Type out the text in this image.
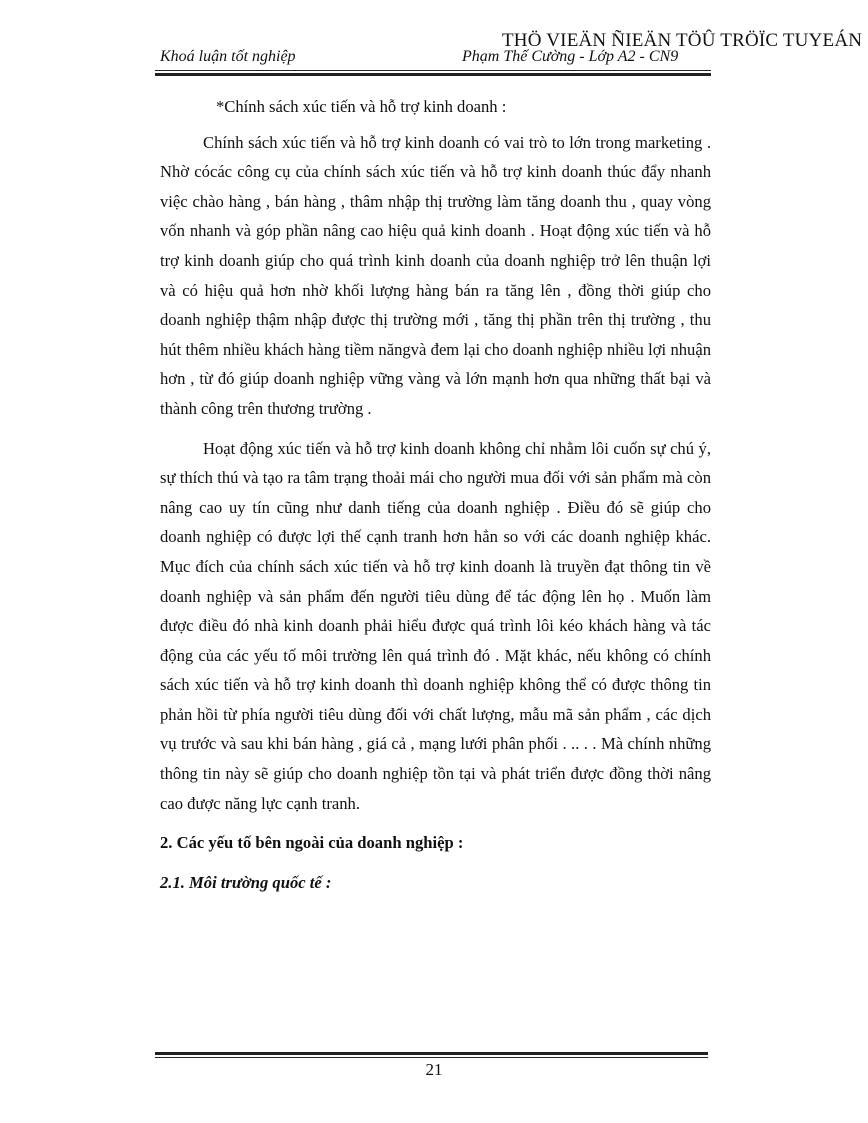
Khoá luận tốt nghiệp	Phạm Thế Cường - Lớp A2 - CN9
THÖ VIEÄN ÑIEÄN TÖÛ TRÖÏC TUYEÁN

*Chính sách xúc tiến và hỗ trợ kinh doanh :

Chính sách xúc tiến và hỗ trợ kinh doanh có vai trò to lớn trong marketing . Nhờ cócác công cụ của chính sách xúc tiến và hỗ trợ kinh doanh thúc đẩy nhanh việc chào hàng , bán hàng , thâm nhập thị trường làm tăng doanh thu , quay vòng vốn nhanh và góp phần nâng cao hiệu quả kinh doanh . Hoạt động xúc tiến và hỗ trợ kinh doanh giúp cho quá trình kinh doanh của doanh nghiệp trở lên thuận lợi và có hiệu quả hơn nhờ khối lượng hàng bán ra tăng lên , đồng thời giúp cho doanh nghiệp thậm nhập được thị trường mới , tăng thị phần trên thị trường , thu hút thêm nhiều khách hàng tiềm năngvà đem lại cho doanh nghiệp nhiều lợi nhuận hơn , từ đó giúp doanh nghiệp vững vàng và lớn mạnh hơn qua những thất bại và thành công trên thương trường .

Hoạt động xúc tiến và hỗ trợ kinh doanh không chỉ nhằm lôi cuốn sự chú ý, sự thích thú và tạo ra tâm trạng thoải mái cho người mua đối với sản phẩm mà còn nâng cao uy tín cũng như danh tiếng của doanh nghiệp . Điều đó sẽ giúp cho doanh nghiệp có được lợi thế cạnh tranh hơn hẳn so với các doanh nghiệp khác. Mục đích của chính sách xúc tiến và hỗ trợ kinh doanh là truyền đạt thông tin về doanh nghiệp và sản phẩm đến người tiêu dùng để tác động lên họ . Muốn làm được điều đó nhà kinh doanh phải hiểu được quá trình lôi kéo khách hàng và tác động của các yếu tố môi trường lên quá trình đó . Mặt khác, nếu không có chính sách xúc tiến và hỗ trợ kinh doanh thì doanh nghiệp không thể có được thông tin phản hồi từ phía người tiêu dùng đối với chất lượng, mẫu mã sản phẩm , các dịch vụ trước và sau khi bán hàng , giá cả , mạng lưới phân phối . .. . . Mà chính những thông tin này sẽ giúp cho doanh nghiệp tồn tại và phát triển được đồng thời nâng cao được năng lực cạnh tranh.

2. Các yếu tố bên ngoài của doanh nghiệp :

2.1. Môi trường quốc tế :

21
